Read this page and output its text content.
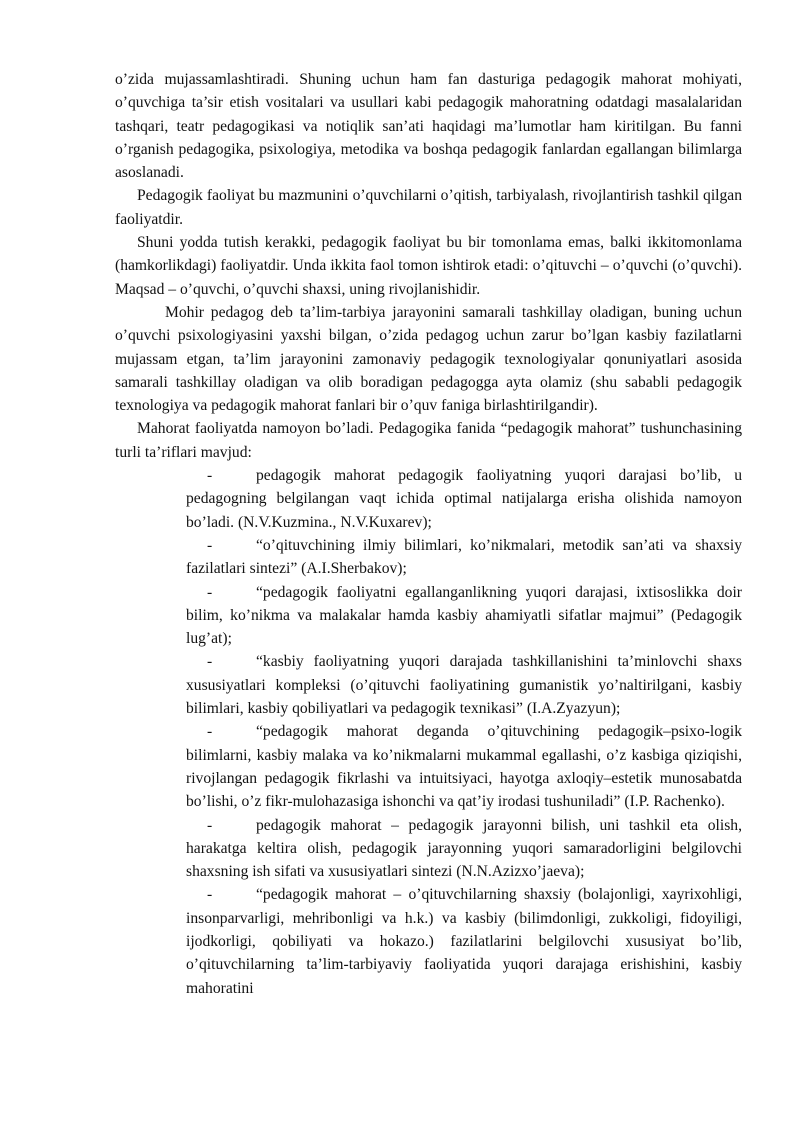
o’zida mujassamlashtiradi. Shuning uchun ham fan dasturiga pedagogik mahorat mohiyati, o’quvchiga ta’sir etish vositalari va usullari kabi pedagogik mahoratning odatdagi masalalaridan tashqari, teatr pedagogikasi va notiqlik san’ati haqidagi ma’lumotlar ham kiritilgan. Bu fanni o’rganish pedagogika, psixologiya, metodika va boshqa pedagogik fanlardan egallangan bilimlarga asoslanadi.

Pedagogik faoliyat bu mazmunini o’quvchilarni o’qitish, tarbiyalash, rivojlantirish tashkil qilgan faoliyatdir.

Shuni yodda tutish kerakki, pedagogik faoliyat bu bir tomonlama emas, balki ikkitomonlama (hamkorlikdagi) faoliyatdir. Unda ikkita faol tomon ishtirok etadi: o’qituvchi – o’quvchi (o’quvchi). Maqsad – o’quvchi, o’quvchi shaxsi, uning rivojlanishidir.

Mohir pedagog deb ta’lim-tarbiya jarayonini samarali tashkillay oladigan, buning uchun o’quvchi psixologiyasini yaxshi bilgan, o’zida pedagog uchun zarur bo’lgan kasbiy fazilatlarni mujassam etgan, ta’lim jarayonini zamonaviy pedagogik texnologiyalar qonuniyatlari asosida samarali tashkillay oladigan va olib boradigan pedagogga ayta olamiz (shu sababli pedagogik texnologiya va pedagogik mahorat fanlari bir o’quv faniga birlashtirilgandir).

Mahorat faoliyatda namoyon bo’ladi. Pedagogika fanida “pedagogik mahorat” tushunchasining turli ta’riflari mavjud:

-	pedagogik mahorat pedagogik faoliyatning yuqori darajasi bo’lib, u pedagogning belgilangan vaqt ichida optimal natijalarga erisha olishida namoyon bo’ladi. (N.V.Kuzmina., N.V.Kuxarev);

-	“o’qituvchining ilmiy bilimlari, ko’nikmalari, metodik san’ati va shaxsiy fazilatlari sintezi” (A.I.Sherbakov);

-	“pedagogik faoliyatni egallanganlikning yuqori darajasi, ixtisoslikka doir bilim, ko’nikma va malakalar hamda kasbiy ahamiyatli sifatlar majmui” (Pedagogik lug’at);

-	“kasbiy faoliyatning yuqori darajada tashkillanishini ta’minlovchi shaxs xususiyatlari kompleksi (o’qituvchi faoliyatining gumanistik yo’naltirilgani, kasbiy bilimlari, kasbiy qobiliyatlari va pedagogik texnikasi” (I.A.Zyazyun);

-	“pedagogik mahorat deganda o’qituvchining pedagogik–psixo-logik bilimlarni, kasbiy malaka va ko’nikmalarni mukammal egallashi, o’z kasbiga qiziqishi, rivojlangan pedagogik fikrlashi va intuitsiyaci, hayotga axloqiy–estetik munosabatda bo’lishi, o’z fikr-mulohazasiga ishonchi va qat’iy irodasi tushuniladi” (I.P. Rachenko).

-	pedagogik mahorat – pedagogik jarayonni bilish, uni tashkil eta olish, harakatga keltira olish, pedagogik jarayonning yuqori samaradorligini belgilovchi shaxsning ish sifati va xususiyatlari sintezi (N.N.Azizxo’jaeva);

-	“pedagogik mahorat – o’qituvchilarning shaxsiy (bolajonligi, xayrixohligi, insonparvarligi, mehribonligi va h.k.) va kasbiy (bilimdonligi, zukkoligi, fidoyiligi, ijodkorligi, qobiliyati va hokazo.) fazilatlarini belgilovchi xususiyat bo’lib, o’qituvchilarning ta’lim-tarbiyaviy faoliyatida yuqori darajaga erishishini, kasbiy mahoratini
